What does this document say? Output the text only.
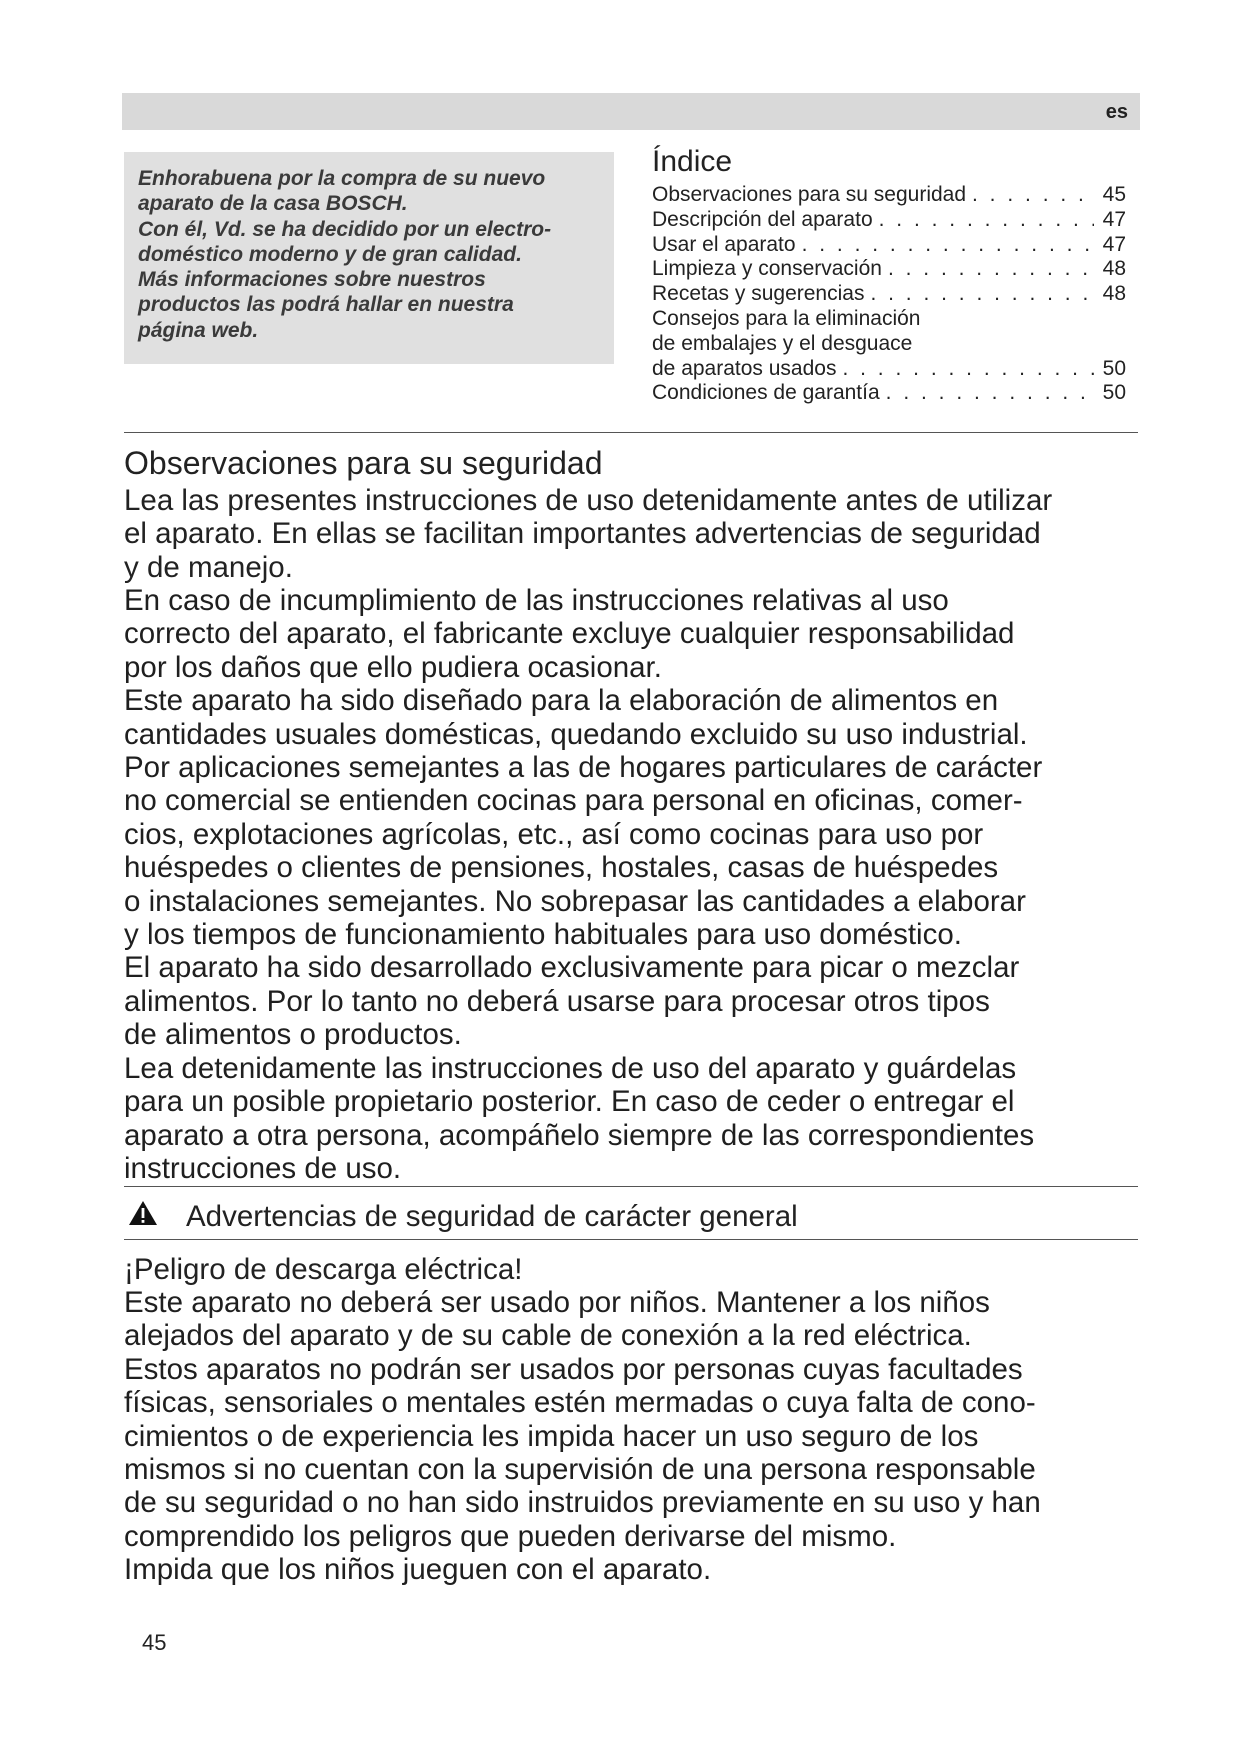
es

Enhorabuena por la compra de su nuevo

aparato de la casa BOSCH.

Con él, Vd. se ha decidido por un electro-

doméstico moderno y de gran calidad.

Más informaciones sobre nuestros

productos las podrá hallar en nuestra

página web.

Índice
Observaciones para su seguridad . . .	45
Descripción del aparato . . .	47
Usar el aparato . . .	47
Limpieza y conservación . . .	48
Recetas y sugerencias . . .	48
Consejos para la eliminación
de embalajes y el desguace
de aparatos usados . . .	50
Condiciones de garantía . . .	50
Observaciones para su seguridad
Lea las presentes instrucciones de uso detenidamente antes de utilizar
el aparato. En ellas se facilitan importantes advertencias de seguridad
y de manejo.

En caso de incumplimiento de las instrucciones relativas al uso

correcto del aparato, el fabricante excluye cualquier responsabilidad

por los daños que ello pudiera ocasionar.

Este aparato ha sido diseñado para la elaboración de alimentos en

cantidades usuales domésticas, quedando excluido su uso industrial.

Por aplicaciones semejantes a las de hogares particulares de carácter

no comercial se entienden cocinas para personal en oficinas, comer-

cios, explotaciones agrícolas, etc., así como cocinas para uso por

huéspedes o clientes de pensiones, hostales, casas de huéspedes

o instalaciones semejantes. No sobrepasar las cantidades a elaborar

y los tiempos de funcionamiento habituales para uso doméstico.

El aparato ha sido desarrollado exclusivamente para picar o mezclar

alimentos. Por lo tanto no deberá usarse para procesar otros tipos

de alimentos o productos.

Lea detenidamente las instrucciones de uso del aparato y guárdelas

para un posible propietario posterior. En caso de ceder o entregar el

aparato a otra persona, acompáñelo siempre de las correspondientes

instrucciones de uso.

Advertencias de seguridad de carácter general
¡Peligro de descarga eléctrica!

Este aparato no deberá ser usado por niños. Mantener a los niños

alejados del aparato y de su cable de conexión a la red eléctrica.

Estos aparatos no podrán ser usados por personas cuyas facultades

físicas, sensoriales o mentales estén mermadas o cuya falta de cono-

cimientos o de experiencia les impida hacer un uso seguro de los

mismos si no cuentan con la supervisión de una persona responsable

de su seguridad o no han sido instruidos previamente en su uso y han

comprendido los peligros que pueden derivarse del mismo.

Impida que los niños jueguen con el aparato.

45
